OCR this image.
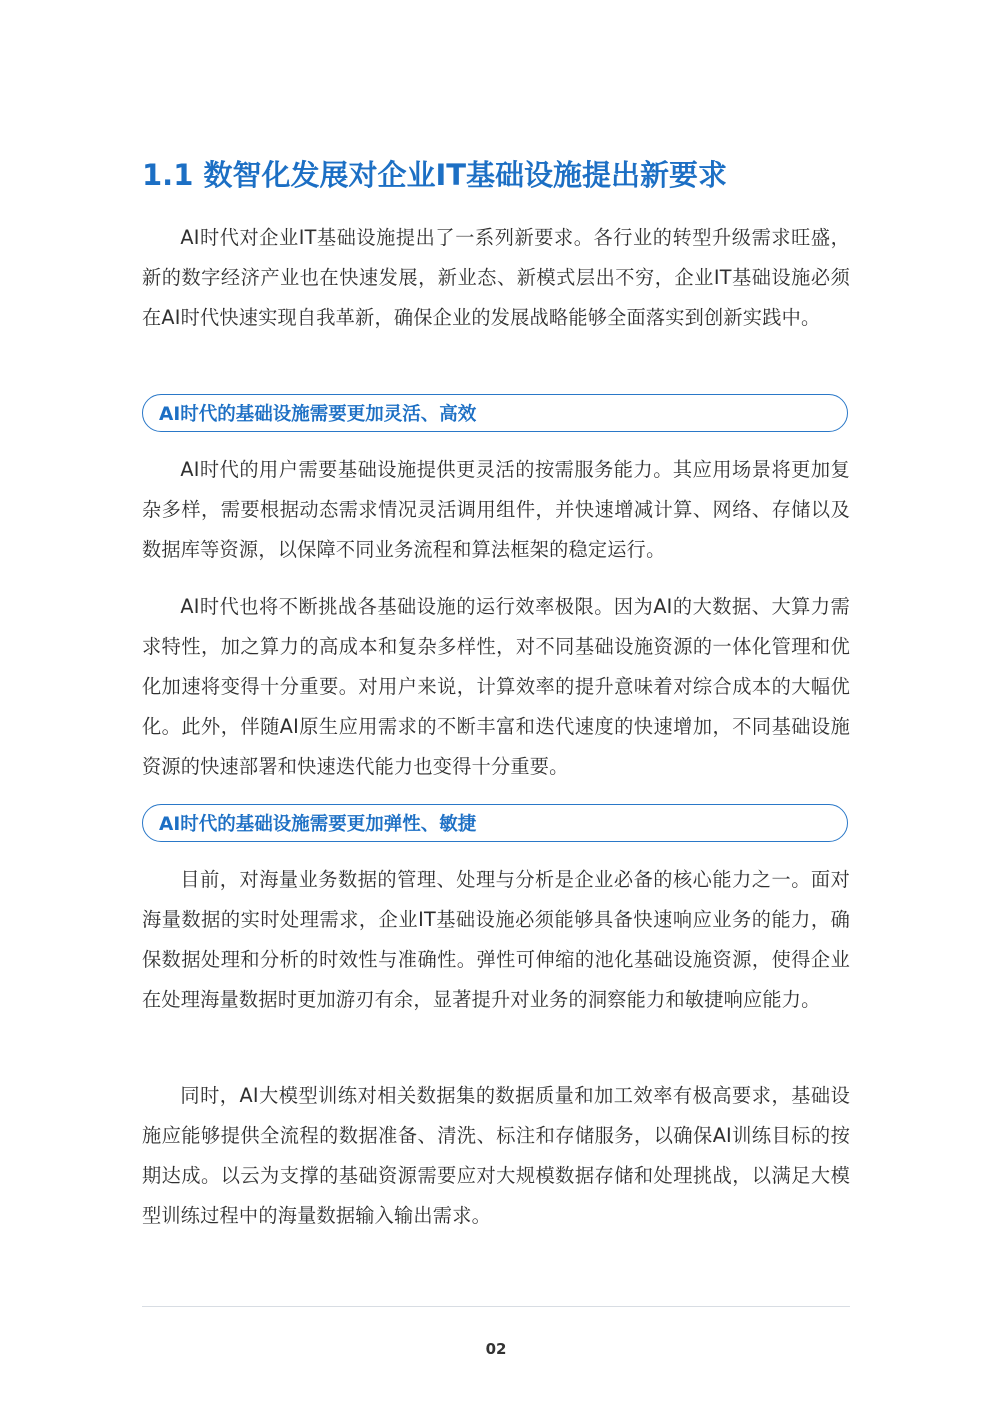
1.1 数智化发展对企业IT基础设施提出新要求

AI时代对企业IT基础设施提出了一系列新要求。各行业的转型升级需求旺盛，新的数字经济产业也在快速发展，新业态、新模式层出不穷，企业IT基础设施必须在AI时代快速实现自我革新，确保企业的发展战略能够全面落实到创新实践中。

AI时代的基础设施需要更加灵活、高效

AI时代的用户需要基础设施提供更灵活的按需服务能力。其应用场景将更加复杂多样，需要根据动态需求情况灵活调用组件，并快速增减计算、网络、存储以及数据库等资源，以保障不同业务流程和算法框架的稳定运行。

AI时代也将不断挑战各基础设施的运行效率极限。因为AI的大数据、大算力需求特性，加之算力的高成本和复杂多样性，对不同基础设施资源的一体化管理和优化加速将变得十分重要。对用户来说，计算效率的提升意味着对综合成本的大幅优化。此外，伴随AI原生应用需求的不断丰富和迭代速度的快速增加，不同基础设施资源的快速部署和快速迭代能力也变得十分重要。

AI时代的基础设施需要更加弹性、敏捷

目前，对海量业务数据的管理、处理与分析是企业必备的核心能力之一。面对海量数据的实时处理需求，企业IT基础设施必须能够具备快速响应业务的能力，确保数据处理和分析的时效性与准确性。弹性可伸缩的池化基础设施资源，使得企业在处理海量数据时更加游刃有余，显著提升对业务的洞察能力和敏捷响应能力。

同时，AI大模型训练对相关数据集的数据质量和加工效率有极高要求，基础设施应能够提供全流程的数据准备、清洗、标注和存储服务，以确保AI训练目标的按期达成。以云为支撑的基础资源需要应对大规模数据存储和处理挑战，以满足大模型训练过程中的海量数据输入输出需求。

02
